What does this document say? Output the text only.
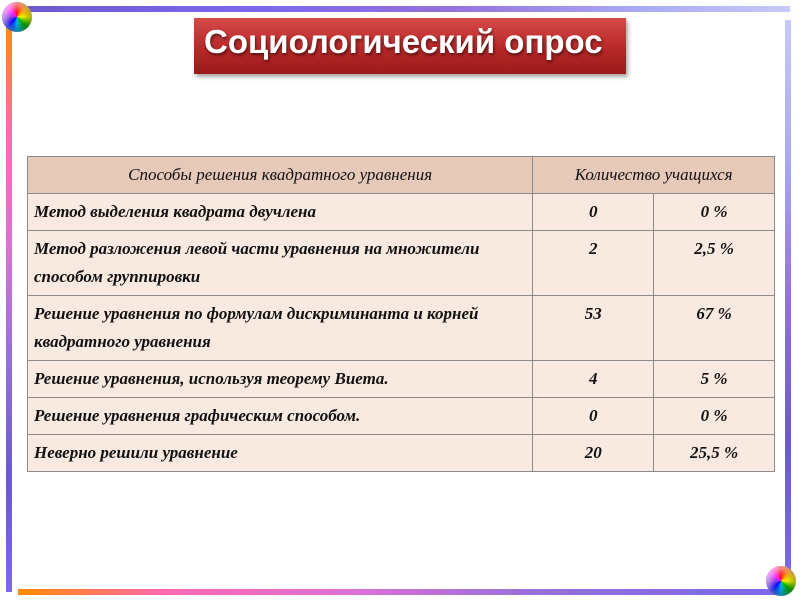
Социологический опрос
Способы решения квадратного уравнения	Количество учащихся	
Метод выделения квадрата двучлена	0	0 %
Метод разложения левой части уравнения на множители способом группировки	2	2,5 %
Решение уравнения по формулам дискриминанта и корней квадратного уравнения	53	67 %
Решение уравнения, используя теорему Виета.	4	5 %
Решение уравнения графическим способом.	0	0 %
Неверно решили уравнение	20	25,5 %
